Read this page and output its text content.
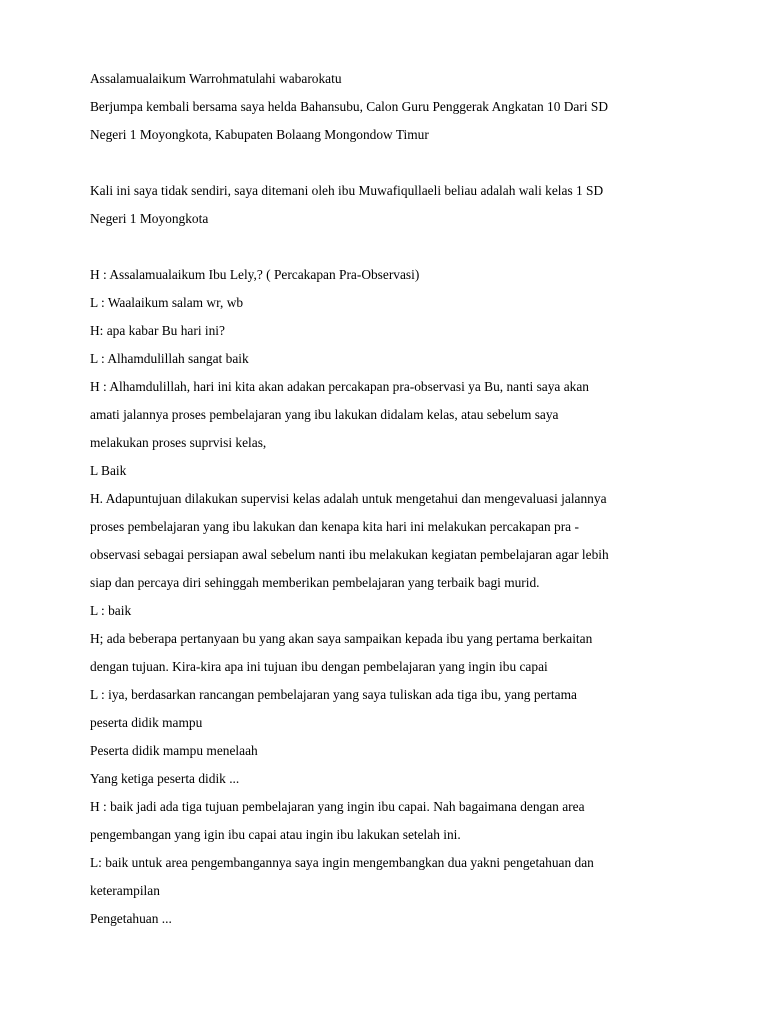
Assalamualaikum Warrohmatulahi wabarokatu
Berjumpa kembali bersama saya helda Bahansubu, Calon Guru Penggerak Angkatan 10 Dari SD
Negeri 1 Moyongkota, Kabupaten Bolaang Mongondow Timur
Kali ini saya tidak sendiri, saya ditemani oleh ibu Muwafiqullaeli beliau adalah wali kelas 1 SD
Negeri 1 Moyongkota
H : Assalamualaikum Ibu Lely,? ( Percakapan Pra-Observasi)
L : Waalaikum salam wr, wb
H: apa kabar Bu hari ini?
L : Alhamdulillah sangat baik
H : Alhamdulillah, hari ini kita akan adakan percakapan pra-observasi ya Bu, nanti saya akan
amati jalannya proses pembelajaran yang ibu lakukan didalam kelas, atau sebelum saya
melakukan proses suprvisi kelas,
L Baik
H. Adapuntujuan dilakukan supervisi kelas adalah untuk mengetahui dan mengevaluasi jalannya
proses pembelajaran yang ibu lakukan dan kenapa kita hari ini melakukan percakapan pra -
observasi sebagai persiapan awal sebelum nanti ibu melakukan kegiatan pembelajaran agar lebih
siap dan percaya diri sehinggah memberikan pembelajaran yang terbaik bagi murid.
L : baik
H; ada beberapa pertanyaan bu yang akan saya sampaikan kepada ibu yang pertama berkaitan
dengan tujuan. Kira-kira apa ini tujuan ibu dengan pembelajaran yang ingin ibu capai
L : iya, berdasarkan rancangan pembelajaran yang saya tuliskan ada tiga ibu, yang pertama
peserta didik mampu
Peserta didik mampu menelaah
Yang ketiga peserta didik ...
H : baik jadi ada tiga tujuan pembelajaran yang ingin ibu capai. Nah bagaimana dengan area
pengembangan yang igin ibu capai atau ingin ibu lakukan setelah ini.
L: baik untuk area pengembangannya saya ingin mengembangkan dua yakni pengetahuan dan
keterampilan
Pengetahuan ...
